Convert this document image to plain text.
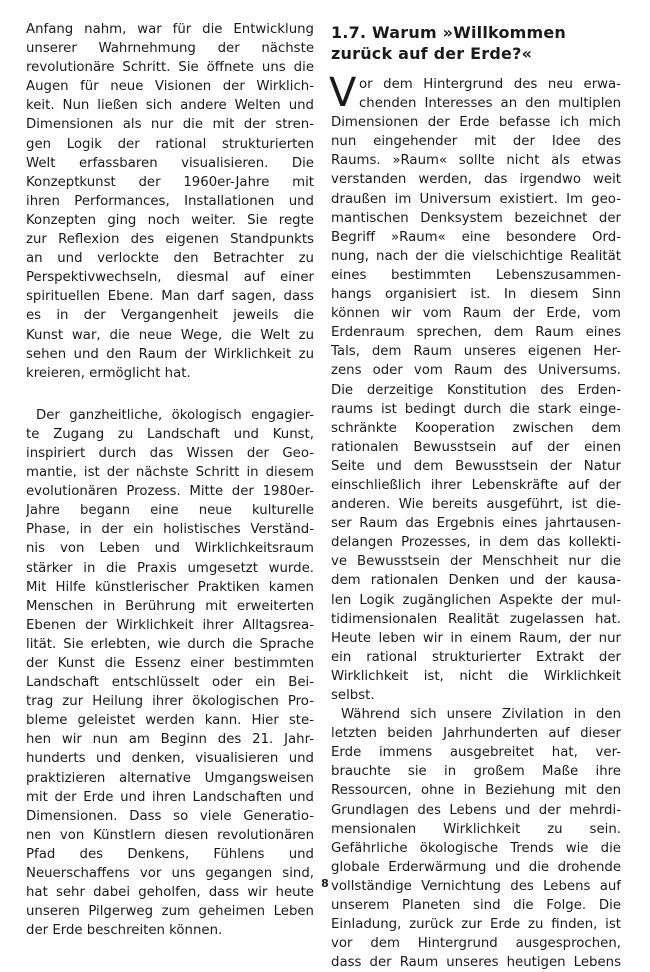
Anfang nahm, war für die Entwicklung
unserer Wahrnehmung der nächste
revolutionäre Schritt. Sie öffnete uns die
Augen für neue Visionen der Wirklich-
keit. Nun ließen sich andere Welten und
Dimensionen als nur die mit der stren-
gen Logik der rational strukturierten
Welt erfassbaren visualisieren. Die
Konzeptkunst der 1960er-Jahre mit
ihren Performances, Installationen und
Konzepten ging noch weiter. Sie regte
zur Reflexion des eigenen Standpunkts
an und verlockte den Betrachter zu
Perspektivwechseln, diesmal auf einer
spirituellen Ebene. Man darf sagen, dass
es in der Vergangenheit jeweils die
Kunst war, die neue Wege, die Welt zu
sehen und den Raum der Wirklichkeit zu
kreieren, ermöglicht hat.
Der ganzheitliche, ökologisch engagier-
te Zugang zu Landschaft und Kunst,
inspiriert durch das Wissen der Geo-
mantie, ist der nächste Schritt in diesem
evolutionären Prozess. Mitte der 1980er-
Jahre begann eine neue kulturelle
Phase, in der ein holistisches Verständ-
nis von Leben und Wirklichkeitsraum
stärker in die Praxis umgesetzt wurde.
Mit Hilfe künstlerischer Praktiken kamen
Menschen in Berührung mit erweiterten
Ebenen der Wirklichkeit ihrer Alltagsrea-
lität. Sie erlebten, wie durch die Sprache
der Kunst die Essenz einer bestimmten
Landschaft entschlüsselt oder ein Bei-
trag zur Heilung ihrer ökologischen Pro-
bleme geleistet werden kann. Hier ste-
hen wir nun am Beginn des 21. Jahr-
hunderts und denken, visualisieren und
praktizieren alternative Umgangsweisen
mit der Erde und ihren Landschaften und
Dimensionen. Dass so viele Generatio-
nen von Künstlern diesen revolutionären
Pfad des Denkens, Fühlens und
Neuerschaffens vor uns gegangen sind,
hat sehr dabei geholfen, dass wir heute
unseren Pilgerweg zum geheimen Leben
der Erde beschreiten können.
1.7. Warum »Willkommen
zurück auf der Erde?«
V or dem Hintergrund des neu erwa-
chenden Interesses an den multiplen
Dimensionen der Erde befasse ich mich
nun eingehender mit der Idee des
Raums. »Raum« sollte nicht als etwas
verstanden werden, das irgendwo weit
draußen im Universum existiert. Im geo-
mantischen Denksystem bezeichnet der
Begriff »Raum« eine besondere Ord-
nung, nach der die vielschichtige Realität
eines bestimmten Lebenszusammen-
hangs organisiert ist. In diesem Sinn
können wir vom Raum der Erde, vom
Erdenraum sprechen, dem Raum eines
Tals, dem Raum unseres eigenen Her-
zens oder vom Raum des Universums.
Die derzeitige Konstitution des Erden-
raums ist bedingt durch die stark einge-
schränkte Kooperation zwischen dem
rationalen Bewusstsein auf der einen
Seite und dem Bewusstsein der Natur
einschließlich ihrer Lebenskräfte auf der
anderen. Wie bereits ausgeführt, ist die-
ser Raum das Ergebnis eines jahrtausen-
delangen Prozesses, in dem das kollekti-
ve Bewusstsein der Menschheit nur die
dem rationalen Denken und der kausa-
len Logik zugänglichen Aspekte der mul-
tidimensionalen Realität zugelassen hat.
Heute leben wir in einem Raum, der nur
ein rational strukturierter Extrakt der
Wirklichkeit ist, nicht die Wirklichkeit
selbst.
Während sich unsere Zivilation in den
letzten beiden Jahrhunderten auf dieser
Erde immens ausgebreitet hat, ver-
brauchte sie in großem Maße ihre
Ressourcen, ohne in Beziehung mit den
Grundlagen des Lebens und der mehrdi-
mensionalen Wirklichkeit zu sein.
Gefährliche ökologische Trends wie die
globale Erderwärmung und die drohende
vollständige Vernichtung des Lebens auf
unserem Planeten sind die Folge. Die
Einladung, zurück zur Erde zu finden, ist
vor dem Hintergrund ausgesprochen,
dass der Raum unseres heutigen Lebens
8
